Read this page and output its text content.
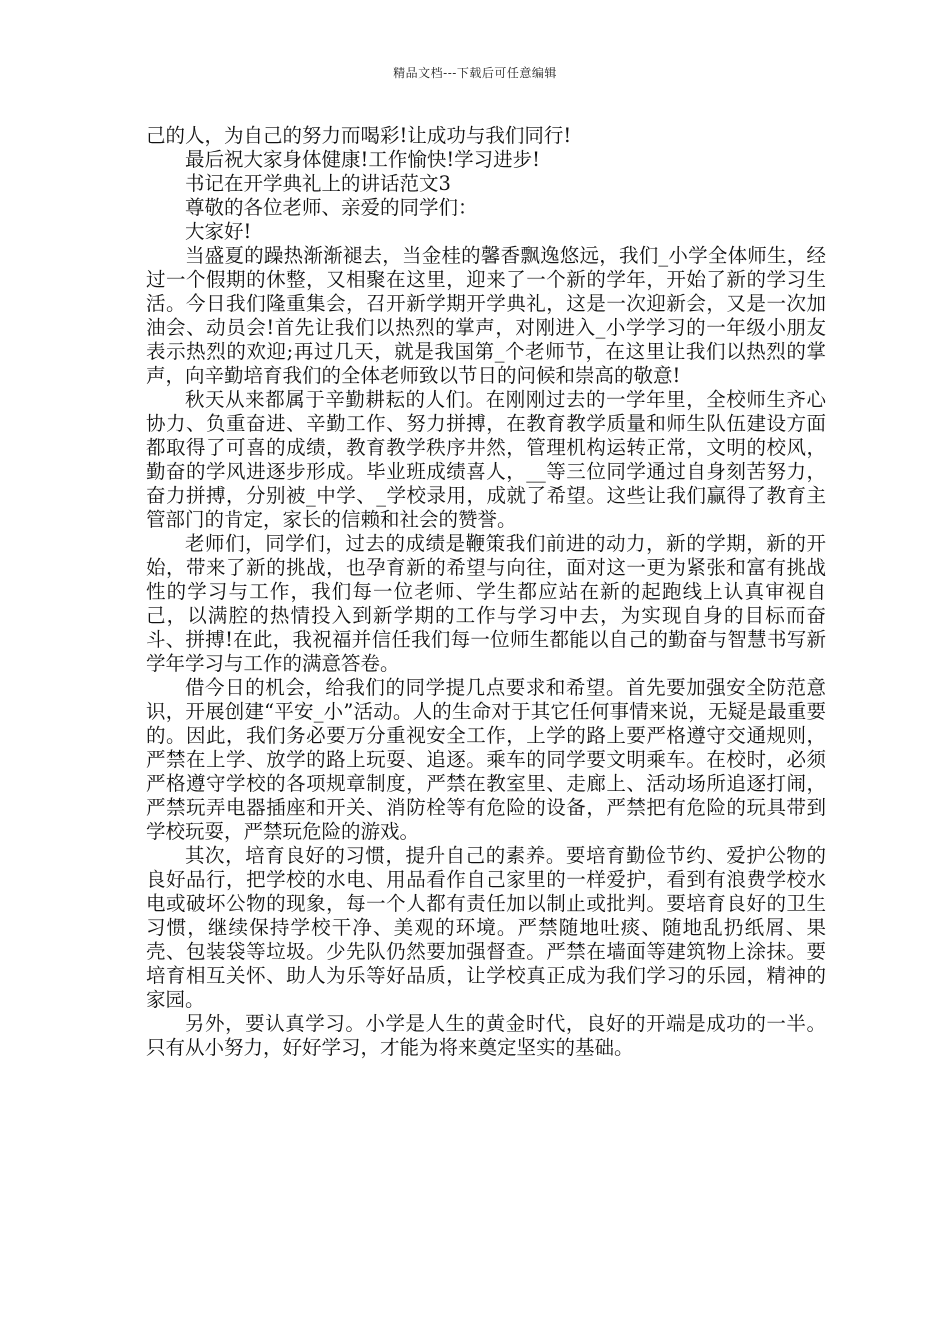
精品文档---下载后可任意编辑

己的人，为自己的努力而喝彩!让成功与我们同行!

最后祝大家身体健康!工作愉快!学习进步!

书记在开学典礼上的讲话范文3

尊敬的各位老师、亲爱的同学们：

大家好!

当盛夏的躁热渐渐褪去，当金桂的馨香飘逸悠远，我们_小学全体师生，经过一个假期的休整，又相聚在这里，迎来了一个新的学年，开始了新的学习生活。今日我们隆重集会，召开新学期开学典礼，这是一次迎新会，又是一次加油会、动员会!首先让我们以热烈的掌声，对刚进入_小学学习的一年级小朋友表示热烈的欢迎;再过几天，就是我国第_个老师节，在这里让我们以热烈的掌声，向辛勤培育我们的全体老师致以节日的问候和崇高的敬意!

秋天从来都属于辛勤耕耘的人们。在刚刚过去的一学年里，全校师生齐心协力、负重奋进、辛勤工作、努力拼搏，在教育教学质量和师生队伍建设方面都取得了可喜的成绩，教育教学秩序井然，管理机构运转正常，文明的校风，勤奋的学风进逐步形成。毕业班成绩喜人，__等三位同学通过自身刻苦努力，奋力拼搏，分别被_中学、_学校录用，成就了希望。这些让我们赢得了教育主管部门的肯定，家长的信赖和社会的赞誉。

老师们，同学们，过去的成绩是鞭策我们前进的动力，新的学期，新的开始，带来了新的挑战，也孕育新的希望与向往，面对这一更为紧张和富有挑战性的学习与工作，我们每一位老师、学生都应站在新的起跑线上认真审视自己，以满腔的热情投入到新学期的工作与学习中去，为实现自身的目标而奋斗、拼搏!在此，我祝福并信任我们每一位师生都能以自己的勤奋与智慧书写新学年学习与工作的满意答卷。

借今日的机会，给我们的同学提几点要求和希望。首先要加强安全防范意识，开展创建“平安_小”活动。人的生命对于其它任何事情来说，无疑是最重要的。因此，我们务必要万分重视安全工作，上学的路上要严格遵守交通规则，严禁在上学、放学的路上玩耍、追逐。乘车的同学要文明乘车。在校时，必须严格遵守学校的各项规章制度，严禁在教室里、走廊上、活动场所追逐打闹，严禁玩弄电器插座和开关、消防栓等有危险的设备，严禁把有危险的玩具带到学校玩耍，严禁玩危险的游戏。

其次，培育良好的习惯，提升自己的素养。要培育勤俭节约、爱护公物的良好品行，把学校的水电、用品看作自己家里的一样爱护，看到有浪费学校水电或破坏公物的现象，每一个人都有责任加以制止或批判。要培育良好的卫生习惯，继续保持学校干净、美观的环境。严禁随地吐痰、随地乱扔纸屑、果壳、包装袋等垃圾。少先队仍然要加强督查。严禁在墙面等建筑物上涂抹。要培育相互关怀、助人为乐等好品质，让学校真正成为我们学习的乐园，精神的家园。

另外，要认真学习。小学是人生的黄金时代，良好的开端是成功的一半。只有从小努力，好好学习，才能为将来奠定坚实的基础。
